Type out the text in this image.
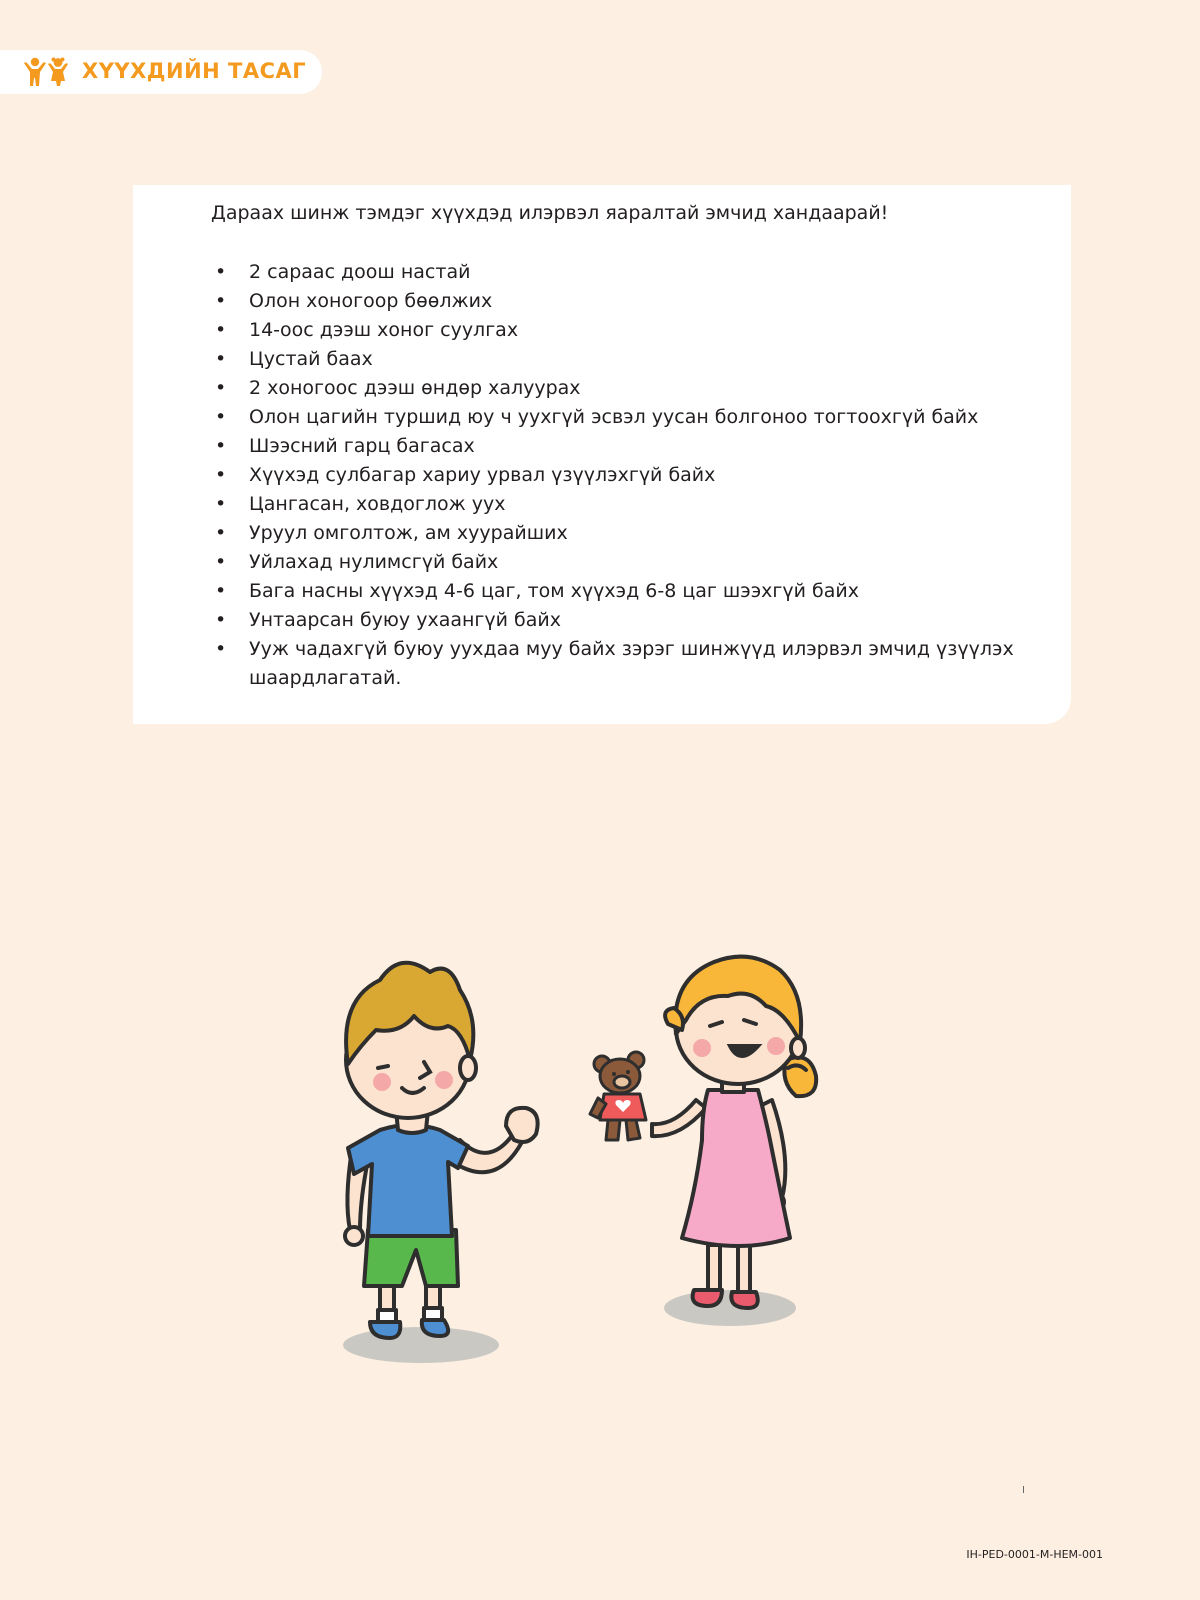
ХҮҮХДИЙН ТАСАГ
Дараах шинж тэмдэг хүүхдэд илэрвэл яаралтай эмчид хандаарай!
• 2 сараас доош настай
• Олон хоногоор бөөлжих
• 14-оос дээш хоног суулгах
• Цустай баах
• 2 хоногоос дээш өндөр халуурах
• Олон цагийн туршид юу ч уухгүй эсвэл уусан болгоноо тогтоохгүй байх
• Шээсний гарц багасах
• Хүүхэд сулбагар хариу урвал үзүүлэхгүй байх
• Цангасан, ховдоглож уух
• Уруул омголтож, ам хуурайших
• Уйлахад нулимсгүй байх
• Бага насны хүүхэд 4-6 цаг, том хүүхэд 6-8 цаг шээхгүй байх
• Унтаарсан буюу ухаангүй байх
• Ууж чадахгүй буюу уухдаа муу байх зэрэг шинжүүд илэрвэл эмчид үзүүлэх шаардлагатай.
IH-PED-0001-M-HEM-001
